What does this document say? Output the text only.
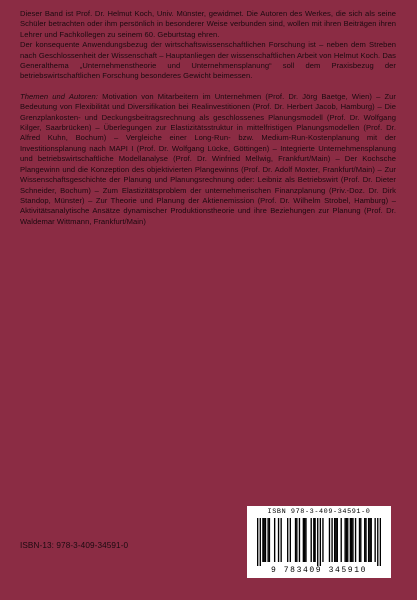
Dieser Band ist Prof. Dr. Helmut Koch, Univ. Münster, gewidmet. Die Autoren des Werkes, die sich als seine Schüler betrachten oder ihm persönlich in besonderer Weise verbunden sind, wollen mit ihren Beiträgen ihren Lehrer und Fachkollegen zu seinem 60. Geburtstag ehren.

Der konsequente Anwendungsbezug der wirtschaftswissenschaftlichen Forschung ist – neben dem Streben nach Geschlossenheit der Wissenschaft – Hauptanliegen der wissenschaftlichen Arbeit von Helmut Koch. Das Generalthema „Unternehmenstheorie und Unternehmensplanung“ soll dem Praxisbezug der betriebswirtschaftlichen Forschung besonderes Gewicht beimessen.

Themen und Autoren: Motivation von Mitarbeitern im Unternehmen (Prof. Dr. Jörg Baetge, Wien) – Zur Bedeutung von Flexibilität und Diversifikation bei Realinvestitionen (Prof. Dr. Herbert Jacob, Hamburg) – Die Grenzplankosten- und Deckungsbeitragsrechnung als geschlossenes Planungsmodell (Prof. Dr. Wolfgang Kilger, Saarbrücken) – Überlegungen zur Elastizitätsstruktur in mittelfristigen Planungsmodellen (Prof. Dr. Alfred Kuhn, Bochum) – Vergleiche einer Long-Run- bzw. Medium-Run-Kostenplanung mit der Investitionsplanung nach MAPI I (Prof. Dr. Wolfgang Lücke, Göttingen) – Integrierte Unternehmensplanung und betriebswirtschaftliche Modellanalyse (Prof. Dr. Winfried Mellwig, Frankfurt/Main) – Der Kochsche Plangewinn und die Konzeption des objektivierten Plangewinns (Prof. Dr. Adolf Moxter, Frankfurt/Main) – Zur Wissenschaftsgeschichte der Planung und Planungsrechnung oder: Leibniz als Betriebswirt (Prof. Dr. Dieter Schneider, Bochum) – Zum Elastizitätsproblem der unternehmerischen Finanzplanung (Priv.-Doz. Dr. Dirk Standop, Münster) – Zur Theorie und Planung der Aktienemission (Prof. Dr. Wilhelm Strobel, Hamburg) – Aktivitätsanalytische Ansätze dynamischer Produktionstheorie und ihre Beziehungen zur Planung (Prof. Dr. Waldemar Wittmann, Frankfurt/Main)

ISBN-13: 978-3-409-34591-0
ISBN 978-3-409-34591-0
9 783409 345910
